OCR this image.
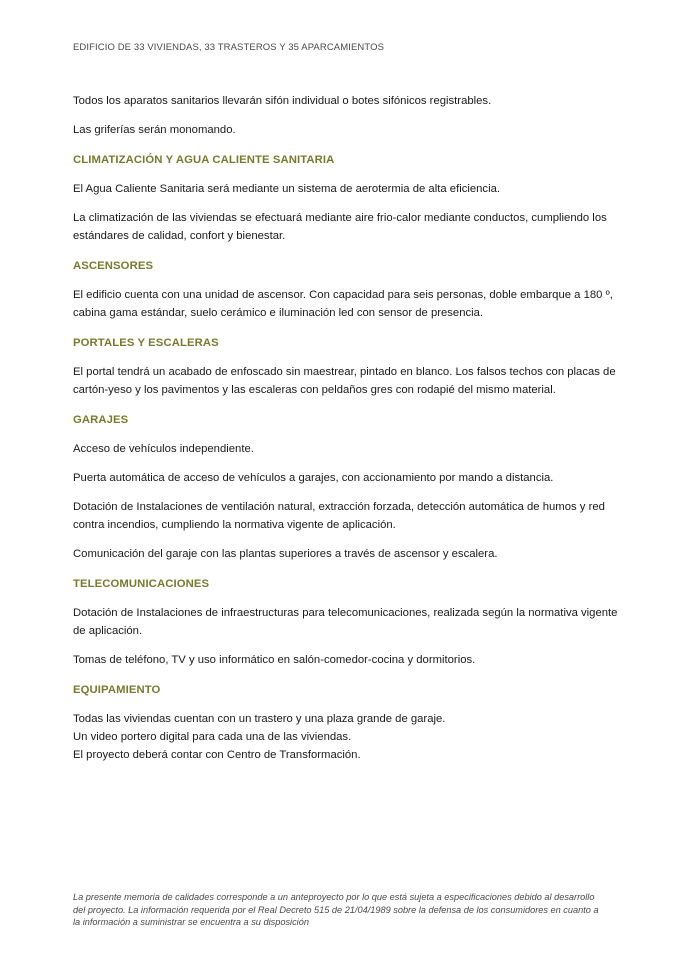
EDIFICIO DE 33 VIVIENDAS, 33 TRASTEROS Y 35 APARCAMIENTOS

Todos los aparatos sanitarios llevarán sifón individual o botes sifónicos registrables.

Las griferías serán monomando.

CLIMATIZACIÓN Y AGUA CALIENTE SANITARIA

El Agua Caliente Sanitaria será mediante un sistema de aerotermia de alta eficiencia.

La climatización de las viviendas se efectuará mediante aire frio-calor mediante conductos, cumpliendo los estándares de calidad, confort y bienestar.

ASCENSORES

El edificio cuenta con una unidad de ascensor. Con capacidad para seis personas, doble embarque a 180 º, cabina gama estándar, suelo cerámico e iluminación led con sensor de presencia.

PORTALES Y ESCALERAS

El portal tendrá un acabado de enfoscado sin maestrear, pintado en blanco. Los falsos techos con placas de cartón-yeso y los pavimentos y las escaleras con peldaños gres con rodapié del mismo material.

GARAJES

Acceso de vehículos independiente.

Puerta automática de acceso de vehículos a garajes, con accionamiento por mando a distancia.

Dotación de Instalaciones de ventilación natural, extracción forzada, detección automática de humos y red contra incendios, cumpliendo la normativa vigente de aplicación.

Comunicación del garaje con las plantas superiores a través de ascensor y escalera.

TELECOMUNICACIONES

Dotación de Instalaciones de infraestructuras para telecomunicaciones, realizada según la normativa vigente de aplicación.

Tomas de teléfono, TV y uso informático en salón-comedor-cocina y dormitorios.

EQUIPAMIENTO

Todas las viviendas cuentan con un trastero y una plaza grande de garaje.

Un video portero digital para cada una de las viviendas.

El proyecto deberá contar con Centro de Transformación.

La presente memoria de calidades corresponde a un anteproyecto por lo que está sujeta a especificaciones debido al desarrollo
del proyecto. La información requerida por el Real Decreto 515 de 21/04/1989 sobre la defensa de los consumidores en cuanto a
la información a suministrar se encuentra a su disposición
